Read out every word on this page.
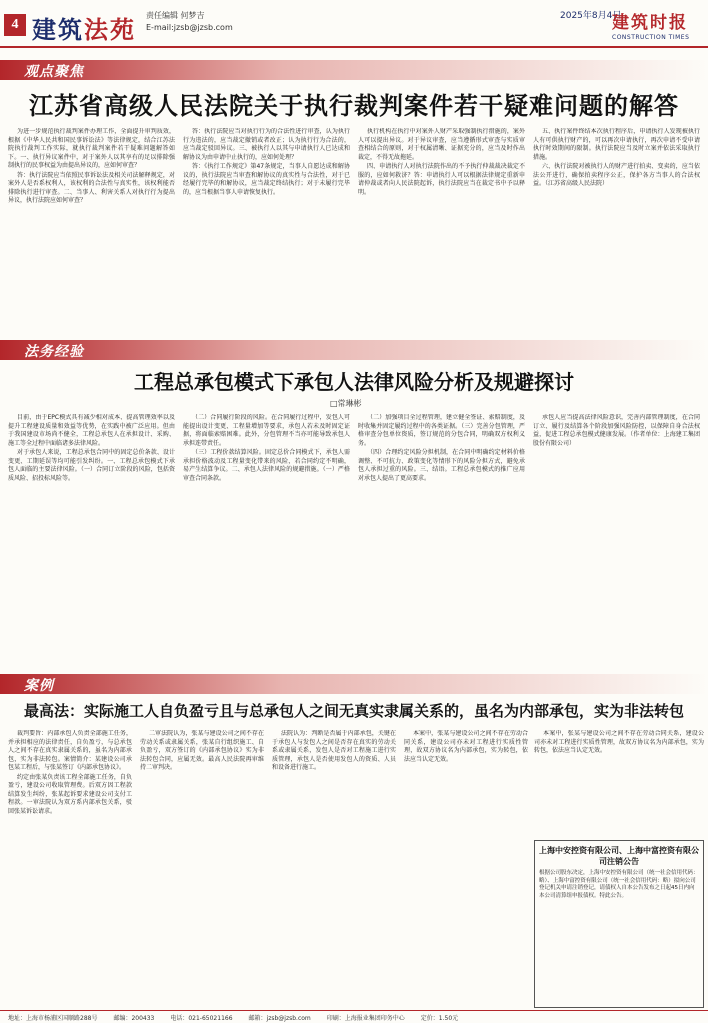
4 建筑法苑
责任编辑 何梦吉
E-mail:jzsb@jzsb.com
2025年8月4日
建筑时报
CONSTRUCTION TIMES
观点聚焦
江苏省高级人民法院关于执行裁判案件若干疑难问题的解答

为进一步规范执行裁判案件办理工作，全面提升审判质效，根据《中华人民共和国民事诉讼法》等法律规定，结合江苏法院执行裁判工作实际，就执行裁判案件若干疑难问题解答如下。一、执行异议案件中，对于案外人以其享有的足以排除强制执行的民事权益为由提出异议的，应如何审查？

答：执行法院应当依照民事诉讼法及相关司法解释规定，对案外人是否系权利人，该权利的合法性与真实性，该权利能否排除执行进行审查。二、当事人、利害关系人对执行行为提出异议，执行法院应如何审查？

答：执行法院应当对执行行为的合法性进行审查，认为执行行为违法的，应当裁定撤销或者改正；认为执行行为合法的，应当裁定驳回异议。三、被执行人以其与申请执行人已达成和解协议为由申请中止执行的，应如何处理？

答：《执行工作规定》第47条规定，当事人自愿达成和解协议的，执行法院应当审查和解协议的真实性与合法性，对于已经履行完毕的和解协议，应当裁定终结执行；对于未履行完毕的，应当根据当事人申请恢复执行。

执行机构在执行中对案外人财产采取强制执行措施的，案外人可以提出异议。对于异议审查，应当遵循形式审查与实质审查相结合的原则，对于权属清晰、证据充分的，应当及时作出裁定，不得无故拖延。

四、申请执行人对执行法院作出的不予执行仲裁裁决裁定不服的，应如何救济？答：申请执行人可以根据法律规定重新申请仲裁或者向人民法院起诉，执行法院应当在裁定书中予以释明。

五、执行案件终结本次执行程序后，申请执行人发现被执行人有可供执行财产的，可以再次申请执行，再次申请不受申请执行时效期间的限制。执行法院应当及时立案并依法采取执行措施。

六、执行法院对被执行人的财产进行拍卖、变卖的，应当依法公开进行，确保拍卖程序公正，保护各方当事人的合法权益。（江苏省高级人民法院）

法务经验
工程总承包模式下承包人法律风险分析及规避探讨
□常琳彬

目前，由于EPC模式具有减少相对成本、提高管理效率以及提升工程建设质量和效益等优势，在实践中被广泛应用。但由于我国建设市场尚不健全，工程总承包人在承担设计、采购、施工等全过程中面临诸多法律风险。

对于承包人来说，工程总承包合同中的固定总价条款、设计变更、工期延误等均可能引发纠纷。一、工程总承包模式下承包人面临的主要法律风险。（一）合同订立阶段的风险，包括资质风险、招投标风险等。

（二）合同履行阶段的风险。在合同履行过程中，发包人可能提出设计变更、工程量增加等要求，承包人若未及时固定证据，将面临索赔困难。此外，分包管理不当亦可能导致承包人承担连带责任。

（三）工程价款结算风险。固定总价合同模式下，承包人需承担价格波动及工程量变化带来的风险，若合同约定不明确，易产生结算争议。二、承包人法律风险的规避措施。（一）严格审查合同条款。

（二）加强项目全过程管理，建立健全签证、索赔制度，及时收集并固定履约过程中的各类证据。（三）完善分包管理，严格审查分包单位资质，签订规范的分包合同，明确双方权利义务。

（四）合理约定风险分担机制，在合同中明确约定材料价格调整、不可抗力、政策变化等情形下的风险分担方式，避免承包人承担过重的风险。三、结语。工程总承包模式的推广应用对承包人提出了更高要求。

承包人应当提高法律风险意识，完善内部管理制度，在合同订立、履行及结算各个阶段加强风险防控，以保障自身合法权益，促进工程总承包模式健康发展。（作者单位：上海建工集团股份有限公司）

案例
最高法：实际施工人自负盈亏且与总承包人之间无真实隶属关系的，虽名为内部承包，实为非法转包

裁判要旨：内部承包人负责全部施工任务，并承担相应的法律责任，自负盈亏，与总承包人之间不存在真实隶属关系的，虽名为内部承包，实为非法转包。案情简介：某建设公司承包某工程后，与张某签订《内部承包协议》。

约定由张某负责该工程全部施工任务，自负盈亏，建设公司收取管理费。后双方因工程款结算发生纠纷，张某起诉要求建设公司支付工程款。一审法院认为双方系内部承包关系，驳回张某诉讼请求。

二审法院认为，张某与建设公司之间不存在劳动关系或隶属关系，张某自行组织施工、自负盈亏，双方签订的《内部承包协议》实为非法转包合同，应属无效。最高人民法院再审维持二审判决。

法院认为：判断是否属于内部承包，关键在于承包人与发包人之间是否存在真实的劳动关系或隶属关系，发包人是否对工程施工进行实质管理，承包人是否使用发包人的资质、人员和设备进行施工。

本案中，张某与建设公司之间不存在劳动合同关系，建设公司亦未对工程进行实质性管理，故双方协议名为内部承包，实为转包，依法应当认定无效。

本案中，张某与建设公司之间不存在劳动合同关系，建设公司亦未对工程进行实质性管理，故双方协议名为内部承包，实为转包，依法应当认定无效。

上海中安控资有限公司、上海中富控资有限公司注销公告
根据公司股东决定，上海中安控资有限公司（统一社会信用代码：略）、上海中富控资有限公司（统一社会信用代码：略）拟向公司登记机关申请注销登记，请债权人自本公告发布之日起45日内向本公司清算组申报债权。特此公告。
地址：上海市杨浦区国顺路288号	邮编：200433	电话：021-65021166	邮箱：jzsb@jzsb.com	印刷：上海报业集团印务中心	定价：1.50元
